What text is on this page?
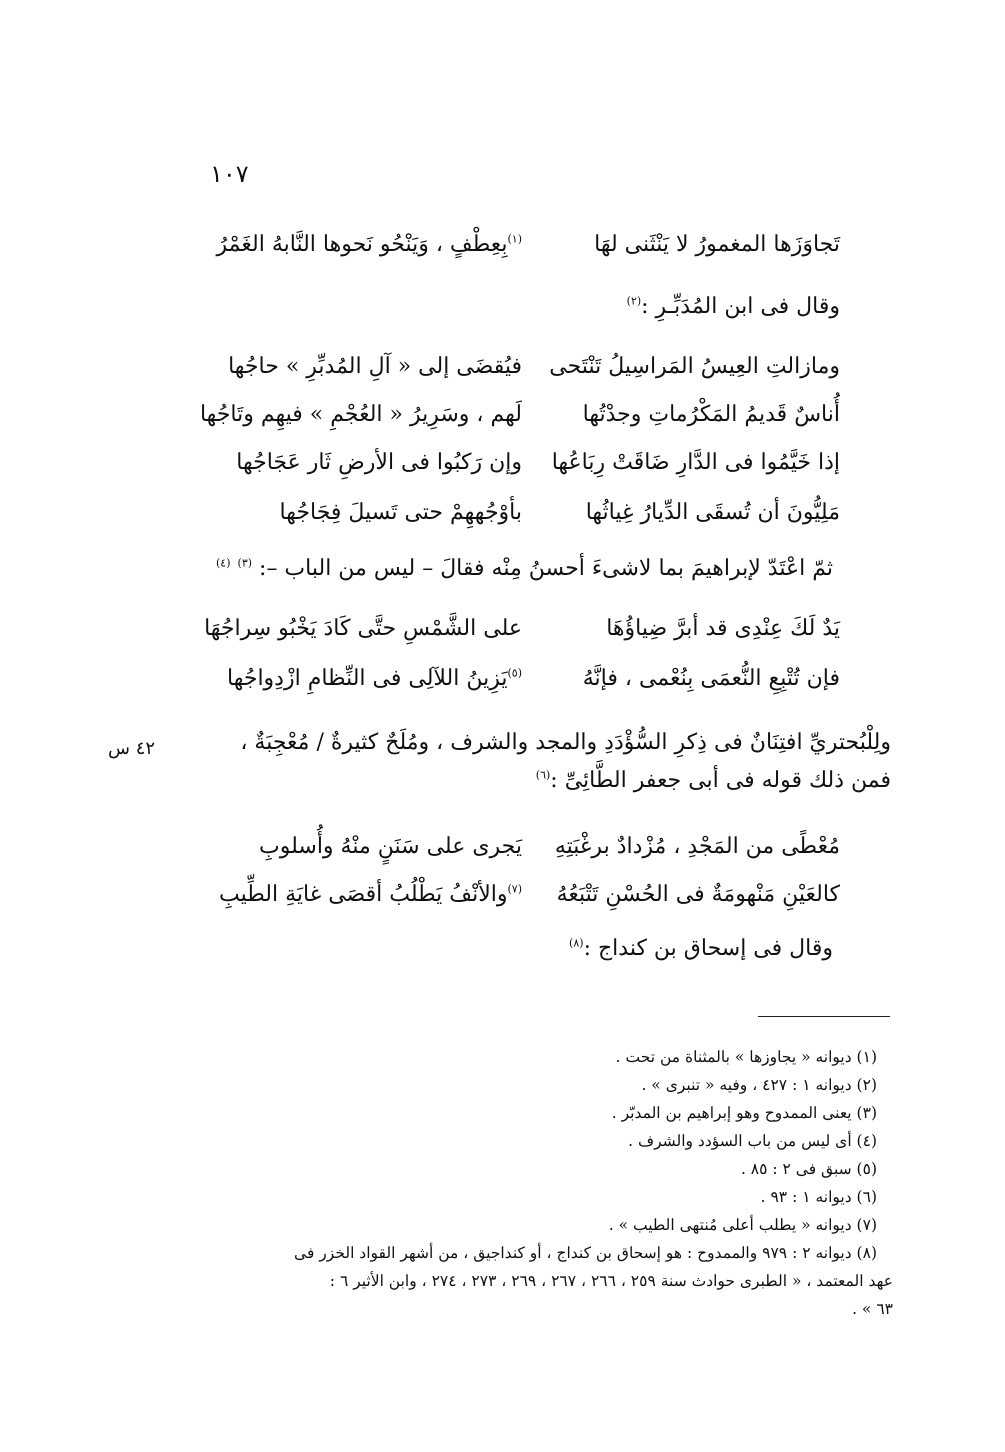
١٠٧
تَجاوَزَها المغمورُ لا يَنْثَنى لهَا
$^{(١)}$بِعِطْفٍ ، وَيَنْحُو نَحوها النَّابهُ الغَمْرُ
وقال فى ابن المُدَبِّـرِ :$^{(٢)}$
ومازالتِ العِيسُ المَراسِيلُ تَنْتَحى
فيُقضَى إلى « آلِ المُدبِّرِ » حاجُها
أُناسٌ قَديمُ المَكْرُماتِ وجدْتُها
لَهم ، وسَرِيرُ « العُجْمِ » فيهِم وتَاجُها
إذا خَيَّمُوا فى الدَّارِ ضَاقَتْ رِبَاعُها
وإن رَكبُوا فى الأرضِ ثَار عَجَاجُها
مَلِيُّونَ أن تُسقَى الدِّيارُ غِياثُها
بأوْجُههِمْ حتى تَسيلَ فِجَاجُها
ثمّ اعْتَدّ لإبراهيمَ بما لاشىءَ أحسنُ مِنْه فقالَ – ليس من الباب –: $^{(٣)}$ $^{(٤)}$
يَدٌ لَكَ عِنْدِى قد أبرَّ ضِياؤُهَا
على الشَّمْسِ حتَّى كَادَ يَخْبُو سِراجُهَا
فإن تُتْبِعِ النُّعمَى بِنُعْمى ، فإنَّهُ
$^{(٥)}$يَزِينُ اللآلِى فى النِّظامِ ازْدِواجُها
ولِلْبُحتريِّ افتِنَانٌ فى ذِكرِ السُّؤْدَدِ والمجد والشرف ، ومُلَحٌ كثيرةٌ / مُعْجِبَةٌ ،
فمن ذلك قوله فى أبى جعفر الطَّائِىِّ :$^{(٦)}$
٤٢ س
مُعْطًى من المَجْدِ ، مُزْدادٌ برغْبَتِهِ
يَجرى على سَنَنٍ منْهُ وأُسلوبِ
كالعَيْنِ مَنْهومَةٌ فى الحُسْنِ تَتْبَعُهُ
$^{(٧)}$والأنْفُ يَطْلُبُ أقصَى غايَةِ الطِّيبِ
وقال فى إسحاق بن كنداج :$^{(٨)}$
(١) ديوانه « يجاوزها » بالمثناة من تحت .
(٢) ديوانه ١ : ٤٢٧ ، وفيه « تنبرى » .
(٣) يعنى الممدوح وهو إبراهيم بن المدبّر .
(٤) أى ليس من باب السؤدد والشرف .
(٥) سبق فى ٢ : ٨٥ .
(٦) ديوانه ١ : ٩٣ .
(٧) ديوانه « يطلب أعلى مُنتهى الطيب » .
(٨) ديوانه ٢ : ٩٧٩ والممدوح : هو إسحاق بن كنداج ، أو كنداجيق ، من أشهر القواد الخزر فى
عهد المعتمد ، « الطبرى حوادث سنة ٢٥٩ ، ٢٦٦ ، ٢٦٧ ، ٢٦٩ ، ٢٧٣ ، ٢٧٤ ، وابن الأثير ٦ :
٦٣ » .
